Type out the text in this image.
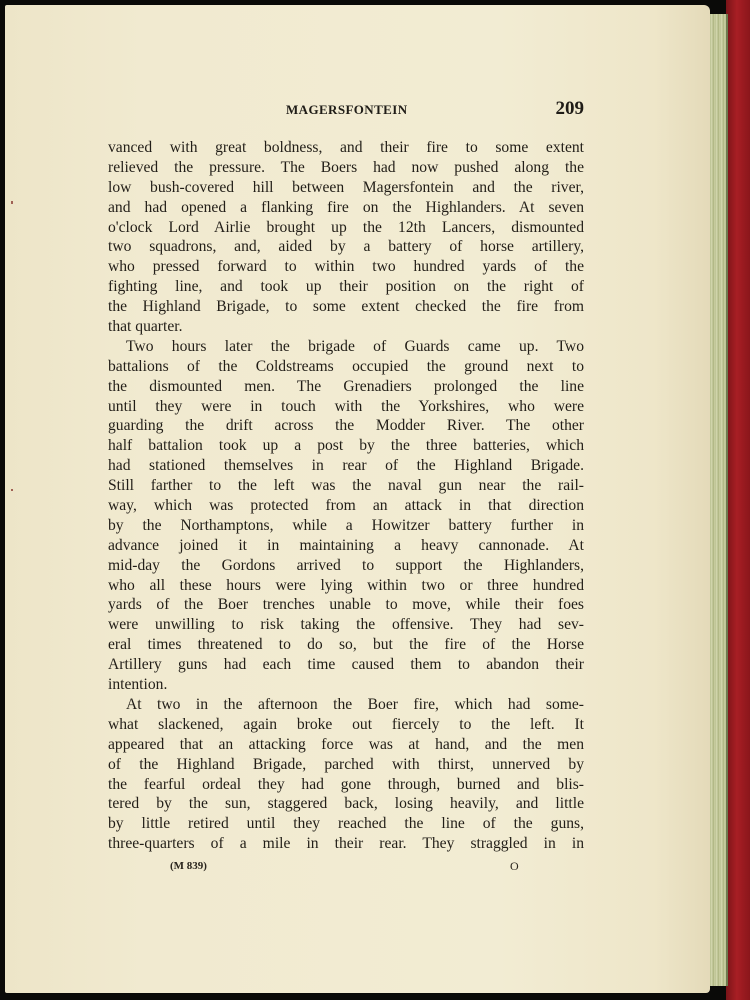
MAGERSFONTEIN	209
vanced with great boldness, and their fire to some extent
relieved the pressure. The Boers had now pushed along the
low bush-covered hill between Magersfontein and the river,
and had opened a flanking fire on the Highlanders. At seven
o'clock Lord Airlie brought up the 12th Lancers, dismounted
two squadrons, and, aided by a battery of horse artillery,
who pressed forward to within two hundred yards of the
fighting line, and took up their position on the right of
the Highland Brigade, to some extent checked the fire from
that quarter.
Two hours later the brigade of Guards came up. Two
battalions of the Coldstreams occupied the ground next to
the dismounted men. The Grenadiers prolonged the line
until they were in touch with the Yorkshires, who were
guarding the drift across the Modder River. The other
half battalion took up a post by the three batteries, which
had stationed themselves in rear of the Highland Brigade.
Still farther to the left was the naval gun near the rail-
way, which was protected from an attack in that direction
by the Northamptons, while a Howitzer battery further in
advance joined it in maintaining a heavy cannonade. At
mid-day the Gordons arrived to support the Highlanders,
who all these hours were lying within two or three hundred
yards of the Boer trenches unable to move, while their foes
were unwilling to risk taking the offensive. They had sev-
eral times threatened to do so, but the fire of the Horse
Artillery guns had each time caused them to abandon their
intention.
At two in the afternoon the Boer fire, which had some-
what slackened, again broke out fiercely to the left. It
appeared that an attacking force was at hand, and the men
of the Highland Brigade, parched with thirst, unnerved by
the fearful ordeal they had gone through, burned and blis-
tered by the sun, staggered back, losing heavily, and little
by little retired until they reached the line of the guns,
three-quarters of a mile in their rear. They straggled in in
(M 839)	O
